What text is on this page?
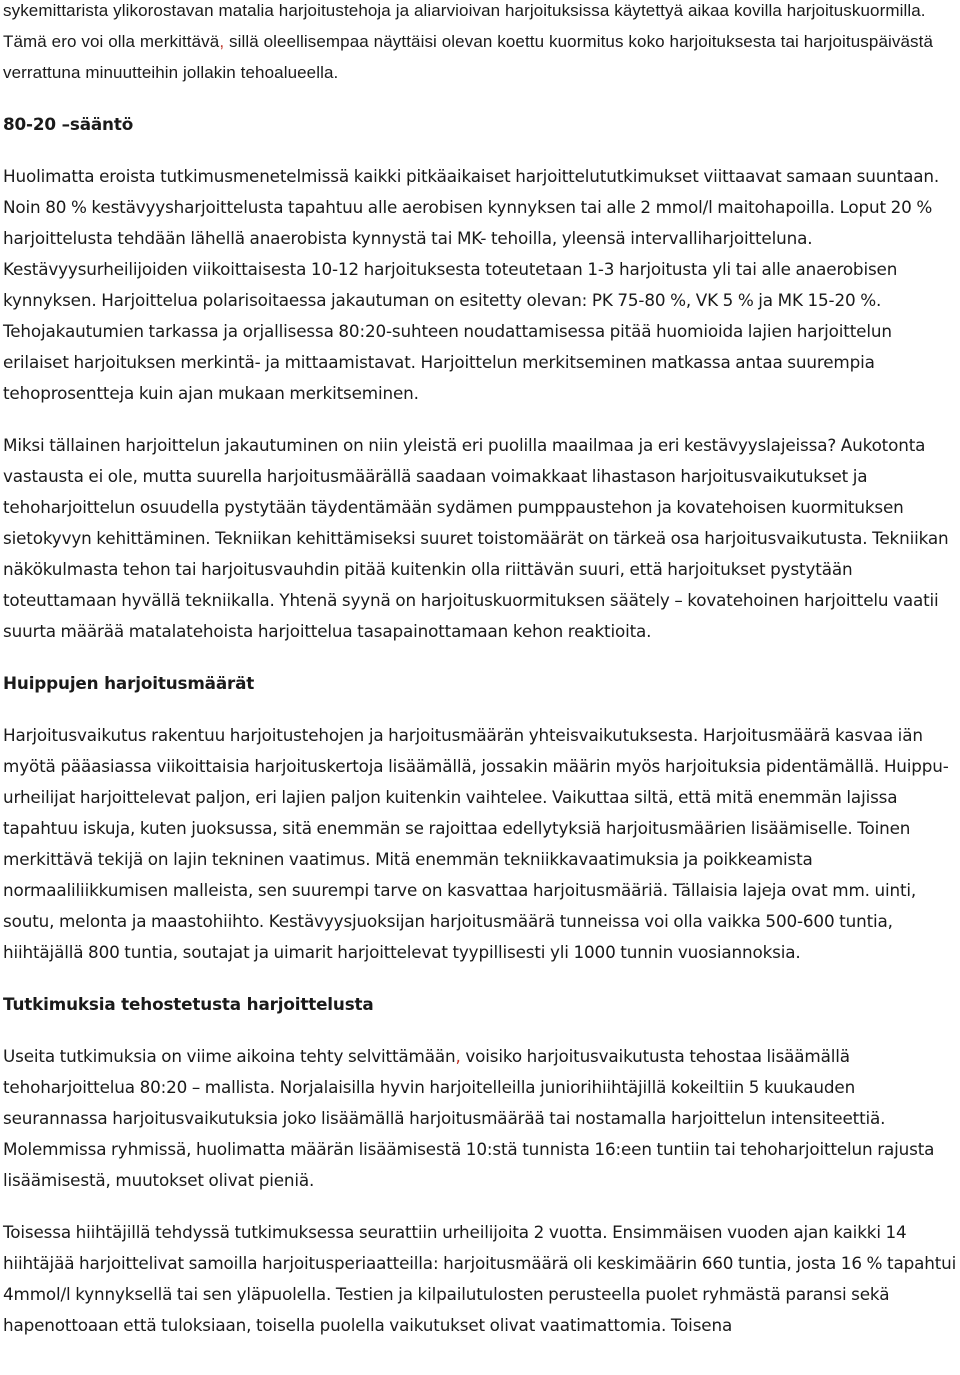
sykemittarista ylikorostavan matalia harjoitustehoja ja aliarvioivan harjoituksissa käytettyä aikaa kovilla harjoituskuormilla. Tämä ero voi olla merkittävä, sillä oleellisempaa näyttäisi olevan koettu kuormitus koko harjoituksesta tai harjoituspäivästä verrattuna minuutteihin jollakin tehoalueella.

80-20 –sääntö

Huolimatta eroista tutkimusmenetelmissä kaikki pitkäaikaiset harjoittelututkimukset viittaavat samaan suuntaan. Noin 80 % kestävyysharjoittelusta tapahtuu alle aerobisen kynnyksen tai alle 2 mmol/l maitohapoilla. Loput 20 % harjoittelusta tehdään lähellä anaerobista kynnystä tai MK- tehoilla, yleensä intervalliharjoitteluna. Kestävyysurheilijoiden viikoittaisesta 10-12 harjoituksesta toteutetaan 1-3 harjoitusta yli tai alle anaerobisen kynnyksen. Harjoittelua polarisoitaessa jakautuman on esitetty olevan: PK 75-80 %, VK 5 % ja MK 15-20 %. Tehojakautumien tarkassa ja orjallisessa 80:20-suhteen noudattamisessa pitää huomioida lajien harjoittelun erilaiset harjoituksen merkintä- ja mittaamistavat. Harjoittelun merkitseminen matkassa antaa suurempia tehoprosentteja kuin ajan mukaan merkitseminen.

Miksi tällainen harjoittelun jakautuminen on niin yleistä eri puolilla maailmaa ja eri kestävyyslajeissa? Aukotonta vastausta ei ole, mutta suurella harjoitusmäärällä saadaan voimakkaat lihastason harjoitusvaikutukset ja tehoharjoittelun osuudella pystytään täydentämään sydämen pumppaustehon ja kovatehoisen kuormituksen sietokyvyn kehittäminen. Tekniikan kehittämiseksi suuret toistomäärät on tärkeä osa harjoitusvaikutusta. Tekniikan näkökulmasta tehon tai harjoitusvauhdin pitää kuitenkin olla riittävän suuri, että harjoitukset pystytään toteuttamaan hyvällä tekniikalla. Yhtenä syynä on harjoituskuormituksen säätely – kovatehoinen harjoittelu vaatii suurta määrää matalatehoista harjoittelua tasapainottamaan kehon reaktioita.

Huippujen harjoitusmäärät

Harjoitusvaikutus rakentuu harjoitustehojen ja harjoitusmäärän yhteisvaikutuksesta. Harjoitusmäärä kasvaa iän myötä pääasiassa viikoittaisia harjoituskertoja lisäämällä, jossakin määrin myös harjoituksia pidentämällä. Huippu-urheilijat harjoittelevat paljon, eri lajien paljon kuitenkin vaihtelee. Vaikuttaa siltä, että mitä enemmän lajissa tapahtuu iskuja, kuten juoksussa, sitä enemmän se rajoittaa edellytyksiä harjoitusmäärien lisäämiselle. Toinen merkittävä tekijä on lajin tekninen vaatimus. Mitä enemmän tekniikkavaatimuksia ja poikkeamista normaaliliikkumisen malleista, sen suurempi tarve on kasvattaa harjoitusmääriä. Tällaisia lajeja ovat mm. uinti, soutu, melonta ja maastohiihto. Kestävyysjuoksijan harjoitusmäärä tunneissa voi olla vaikka 500-600 tuntia, hiihtäjällä 800 tuntia, soutajat ja uimarit harjoittelevat tyypillisesti yli 1000 tunnin vuosiannoksia.

Tutkimuksia tehostetusta harjoittelusta

Useita tutkimuksia on viime aikoina tehty selvittämään, voisiko harjoitusvaikutusta tehostaa lisäämällä tehoharjoittelua 80:20 – mallista. Norjalaisilla hyvin harjoitelleilla juniorihiihtäjillä kokeiltiin 5 kuukauden seurannassa harjoitusvaikutuksia joko lisäämällä harjoitusmäärää tai nostamalla harjoittelun intensiteettiä. Molemmissa ryhmissä, huolimatta määrän lisäämisestä 10:stä tunnista 16:een tuntiin tai tehoharjoittelun rajusta lisäämisestä, muutokset olivat pieniä.

Toisessa hiihtäjillä tehdyssä tutkimuksessa seurattiin urheilijoita 2 vuotta. Ensimmäisen vuoden ajan kaikki 14 hiihtäjää harjoittelivat samoilla harjoitusperiaatteilla: harjoitusmäärä oli keskimäärin 660 tuntia, josta 16 % tapahtui 4mmol/l kynnyksellä tai sen yläpuolella. Testien ja kilpailutulosten perusteella puolet ryhmästä paransi sekä hapenottoaan että tuloksiaan, toisella puolella vaikutukset olivat vaatimattomia. Toisena
